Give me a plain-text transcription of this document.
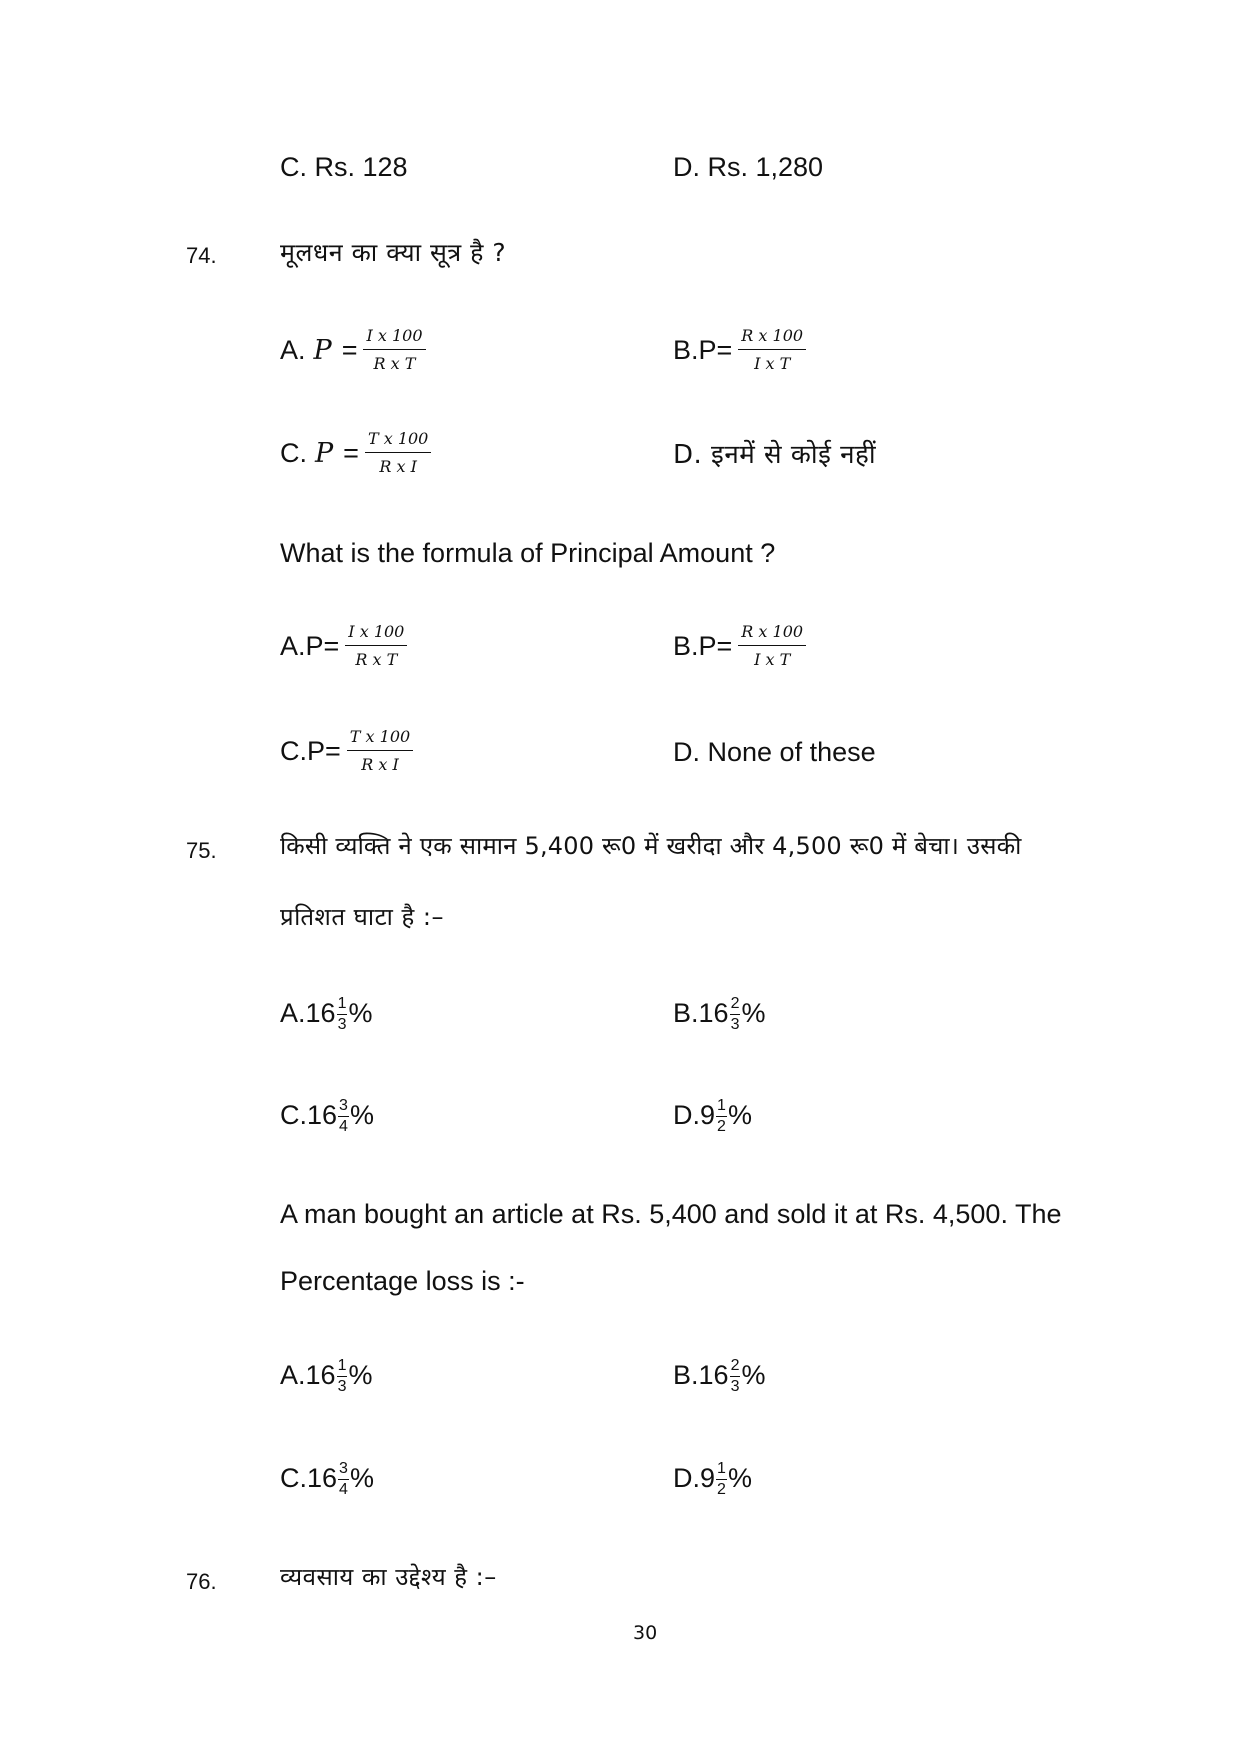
C. Rs. 128	D. Rs. 1,280
74.	मूलधन का क्या सूत्र है ?
A. $P = \frac{\text{I x 100}}{\text{R x T}}$	$B.P= \frac{\text{R x 100}}{\text{I x T}}$
C. $P = \frac{\text{T x 100}}{\text{R x I}}$	D. इनमें से कोई नहीं
What is the formula of Principal Amount ?
$A.P= \frac{\text{I x 100}}{\text{R x T}}$	$B.P= \frac{\text{R x 100}}{\text{I x T}}$
$C.P= \frac{\text{T x 100}}{\text{R x I}}$	D. None of these
75.	किसी व्यक्ति ने एक सामान 5,400 रू0 में खरीदा और 4,500 रू0 में बेचा। उसकी
प्रतिशत घाटा है :–
A. $16 \frac{1}{3}$ %	B. $16 \frac{2}{3}$ %
C. $16 \frac{3}{4}$ %	D. $9 \frac{1}{2}$ %
A man bought an article at Rs. 5,400 and sold it at Rs. 4,500. The
Percentage loss is :-
A. $16 \frac{1}{3}$ %	B. $16 \frac{2}{3}$ %
C. $16 \frac{3}{4}$ %	D. $9 \frac{1}{2}$ %
76.	व्यवसाय का उद्देश्य है :–
30
